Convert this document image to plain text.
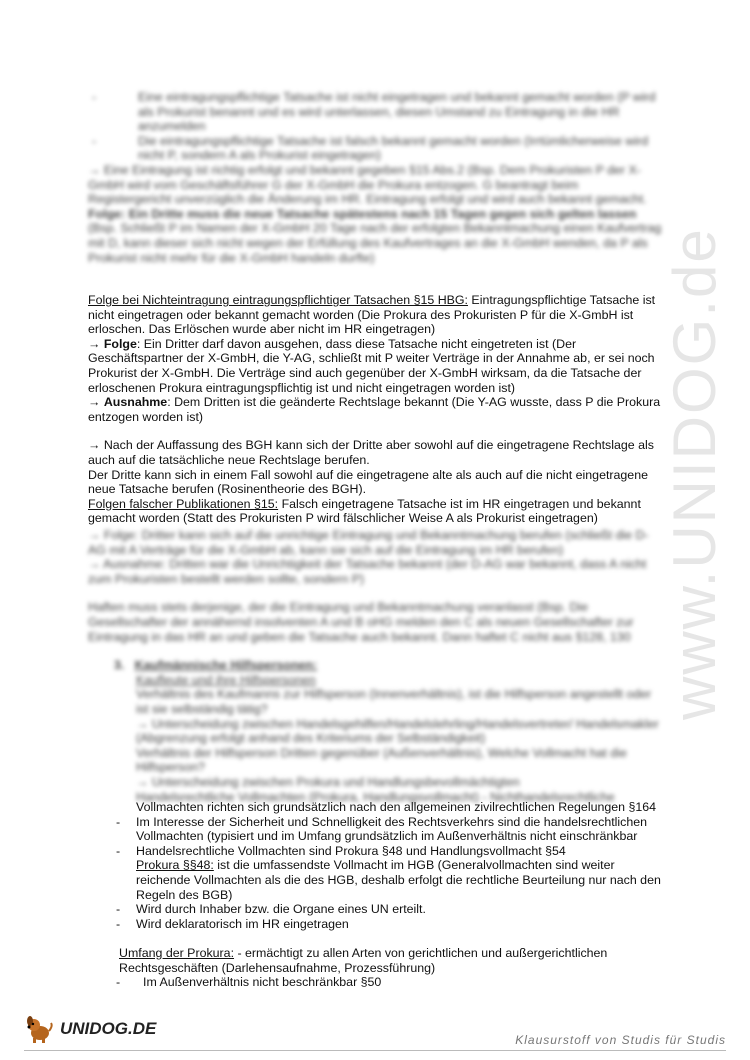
www.UNIDOG.de
- Eine eintragungspflichtige Tatsache ist nicht eingetragen und bekannt gemacht worden (P wird als Prokurist benannt und es wird unterlassen, diesen Umstand zu Eintragung in die HR anzumelden
- Die eintragungspflichtige Tatsache ist falsch bekannt gemacht worden (Irrtümlicherweise wird nicht P, sondern A als Prokurist eingetragen)
→ Eine Eintragung ist richtig erfolgt und bekannt gegeben §15 Abs.2 (Bsp. Dem Prokuristen P der X-GmbH wird vom Geschäftsführer G der X-GmbH die Prokura entzogen. G beantragt beim Registergericht unverzüglich die Änderung im HR. Eintragung erfolgt und wird auch bekannt gemacht.
Folge: Ein Dritte muss die neue Tatsache spätestens nach 15 Tagen gegen sich gelten lassen
(Bsp. Schließt P im Namen der X-GmbH 20 Tage nach der erfolgten Bekanntmachung einen Kaufvertrag mit D, kann dieser sich nicht wegen der Erfüllung des Kaufvertrages an die X-GmbH wenden, da P als Prokurist nicht mehr für die X-GmbH handeln durfte)
Folge bei Nichteintragung eintragungspflichtiger Tatsachen §15 HBG: Eintragungspflichtige Tatsache ist nicht eingetragen oder bekannt gemacht worden (Die Prokura des Prokuristen P für die X-GmbH ist erloschen. Das Erlöschen wurde aber nicht im HR eingetragen)
→ Folge: Ein Dritter darf davon ausgehen, dass diese Tatsache nicht eingetreten ist (Der Geschäftspartner der X-GmbH, die Y-AG, schließt mit P weiter Verträge in der Annahme ab, er sei noch Prokurist der X-GmbH. Die Verträge sind auch gegenüber der X-GmbH wirksam, da die Tatsache der erloschenen Prokura eintragungspflichtig ist und nicht eingetragen worden ist)
→ Ausnahme: Dem Dritten ist die geänderte Rechtslage bekannt (Die Y-AG wusste, dass P die Prokura entzogen worden ist)
→ Nach der Auffassung des BGH kann sich der Dritte aber sowohl auf die eingetragene Rechtslage als auch auf die tatsächliche neue Rechtslage berufen.
Der Dritte kann sich in einem Fall sowohl auf die eingetragene alte als auch auf die nicht eingetragene neue Tatsache berufen (Rosinentheorie des BGH).
Folgen falscher Publikationen §15: Falsch eingetragene Tatsache ist im HR eingetragen und bekannt gemacht worden (Statt des Prokuristen P wird fälschlicher Weise A als Prokurist eingetragen)
→ Folge: Dritter kann sich auf die unrichtige Eintragung und Bekanntmachung berufen (schließt die D-AG mit A Verträge für die X-GmbH ab, kann sie sich auf die Eintragung im HR berufen)
→ Ausnahme: Dritten war die Unrichtigkeit der Tatsache bekannt (der D-AG war bekannt, dass A nicht zum Prokuristen bestellt werden sollte, sondern P)
Haften muss stets derjenige, der die Eintragung und Bekanntmachung veranlasst (Bsp. Die Gesellschafter der annähernd insolventen A und B oHG melden den C als neuen Gesellschafter zur Eintragung in das HR an und geben die Tatsache auch bekannt. Dann haftet C nicht aus §128, 130
3. Kaufmännische Hilfspersonen:
Kaufleute und ihre Hilfspersonen
Verhältnis des Kaufmanns zur Hilfsperson (Innenverhältnis), ist die Hilfsperson angestellt oder ist sie selbständig tätig?
→ Unterscheidung zwischen Handelsgehilfen/Handelslehrling/Handelsvertreter/ Handelsmakler (Abgrenzung erfolgt anhand des Kriteriums der Selbständigkeit)
Verhältnis der Hilfsperson Dritten gegenüber (Außenverhältnis), Welche Vollmacht hat die Hilfsperson?
→ Unterscheidung zwischen Prokura und Handlungsbevollmächtigten
Handelsrechtliche Vollmachten (Prokura, Handlungsvollmacht) - Nichthandelsrechtliche
Vollmachten richten sich grundsätzlich nach den allgemeinen zivilrechtlichen Regelungen §164
- Im Interesse der Sicherheit und Schnelligkeit des Rechtsverkehrs sind die handelsrechtlichen Vollmachten (typisiert und im Umfang grundsätzlich im Außenverhältnis nicht einschränkbar
- Handelsrechtliche Vollmachten sind Prokura §48 und Handlungsvollmacht §54
Prokura §§48: ist die umfassendste Vollmacht im HGB (Generalvollmachten sind weiter reichende Vollmachten als die des HGB, deshalb erfolgt die rechtliche Beurteilung nur nach den Regeln des BGB)
- Wird durch Inhaber bzw. die Organe eines UN erteilt.
- Wird deklaratorisch im HR eingetragen
Umfang der Prokura: - ermächtigt zu allen Arten von gerichtlichen und außergerichtlichen Rechtsgeschäften (Darlehensaufnahme, Prozessführung)
- Im Außenverhältnis nicht beschränkbar §50
UNIDOG.DE
Klausurstoff von Studis für Studis
